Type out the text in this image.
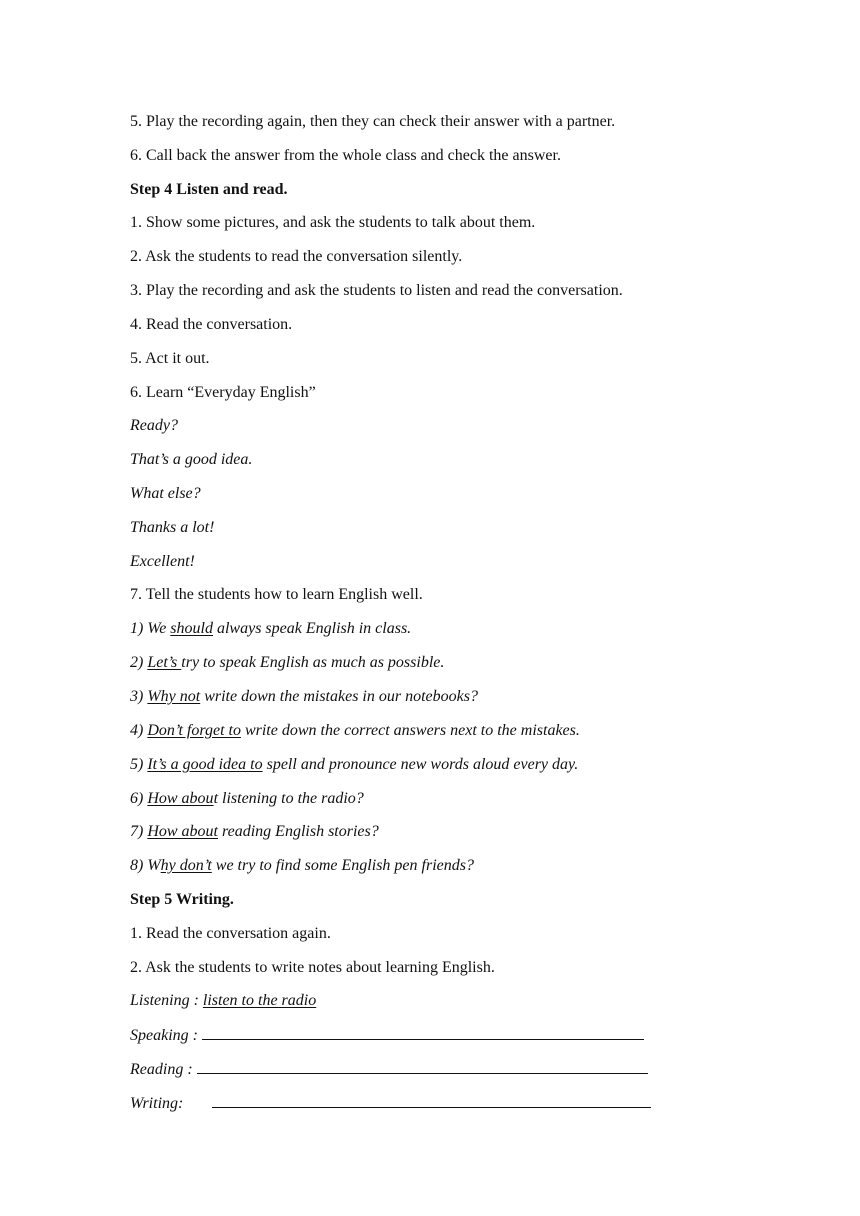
5. Play the recording again, then they can check their answer with a partner.
6. Call back the answer from the whole class and check the answer.
Step 4 Listen and read.
1. Show some pictures, and ask the students to talk about them.
2. Ask the students to read the conversation silently.
3. Play the recording and ask the students to listen and read the conversation.
4. Read the conversation.
5. Act it out.
6. Learn “Everyday English”
Ready?
That’s a good idea.
What else?
Thanks a lot!
Excellent!
7. Tell the students how to learn English well.
1) We should always speak English in class.
2) Let’s try to speak English as much as possible.
3) Why not write down the mistakes in our notebooks?
4) Don’t forget to write down the correct answers next to the mistakes.
5) It’s a good idea to spell and pronounce new words aloud every day.
6) How about listening to the radio?
7) How about reading English stories?
8) Why don’t we try to find some English pen friends?
Step 5 Writing.
1. Read the conversation again.
2. Ask the students to write notes about learning English.
Listening : listen to the radio
Speaking :
Reading :
Writing:
